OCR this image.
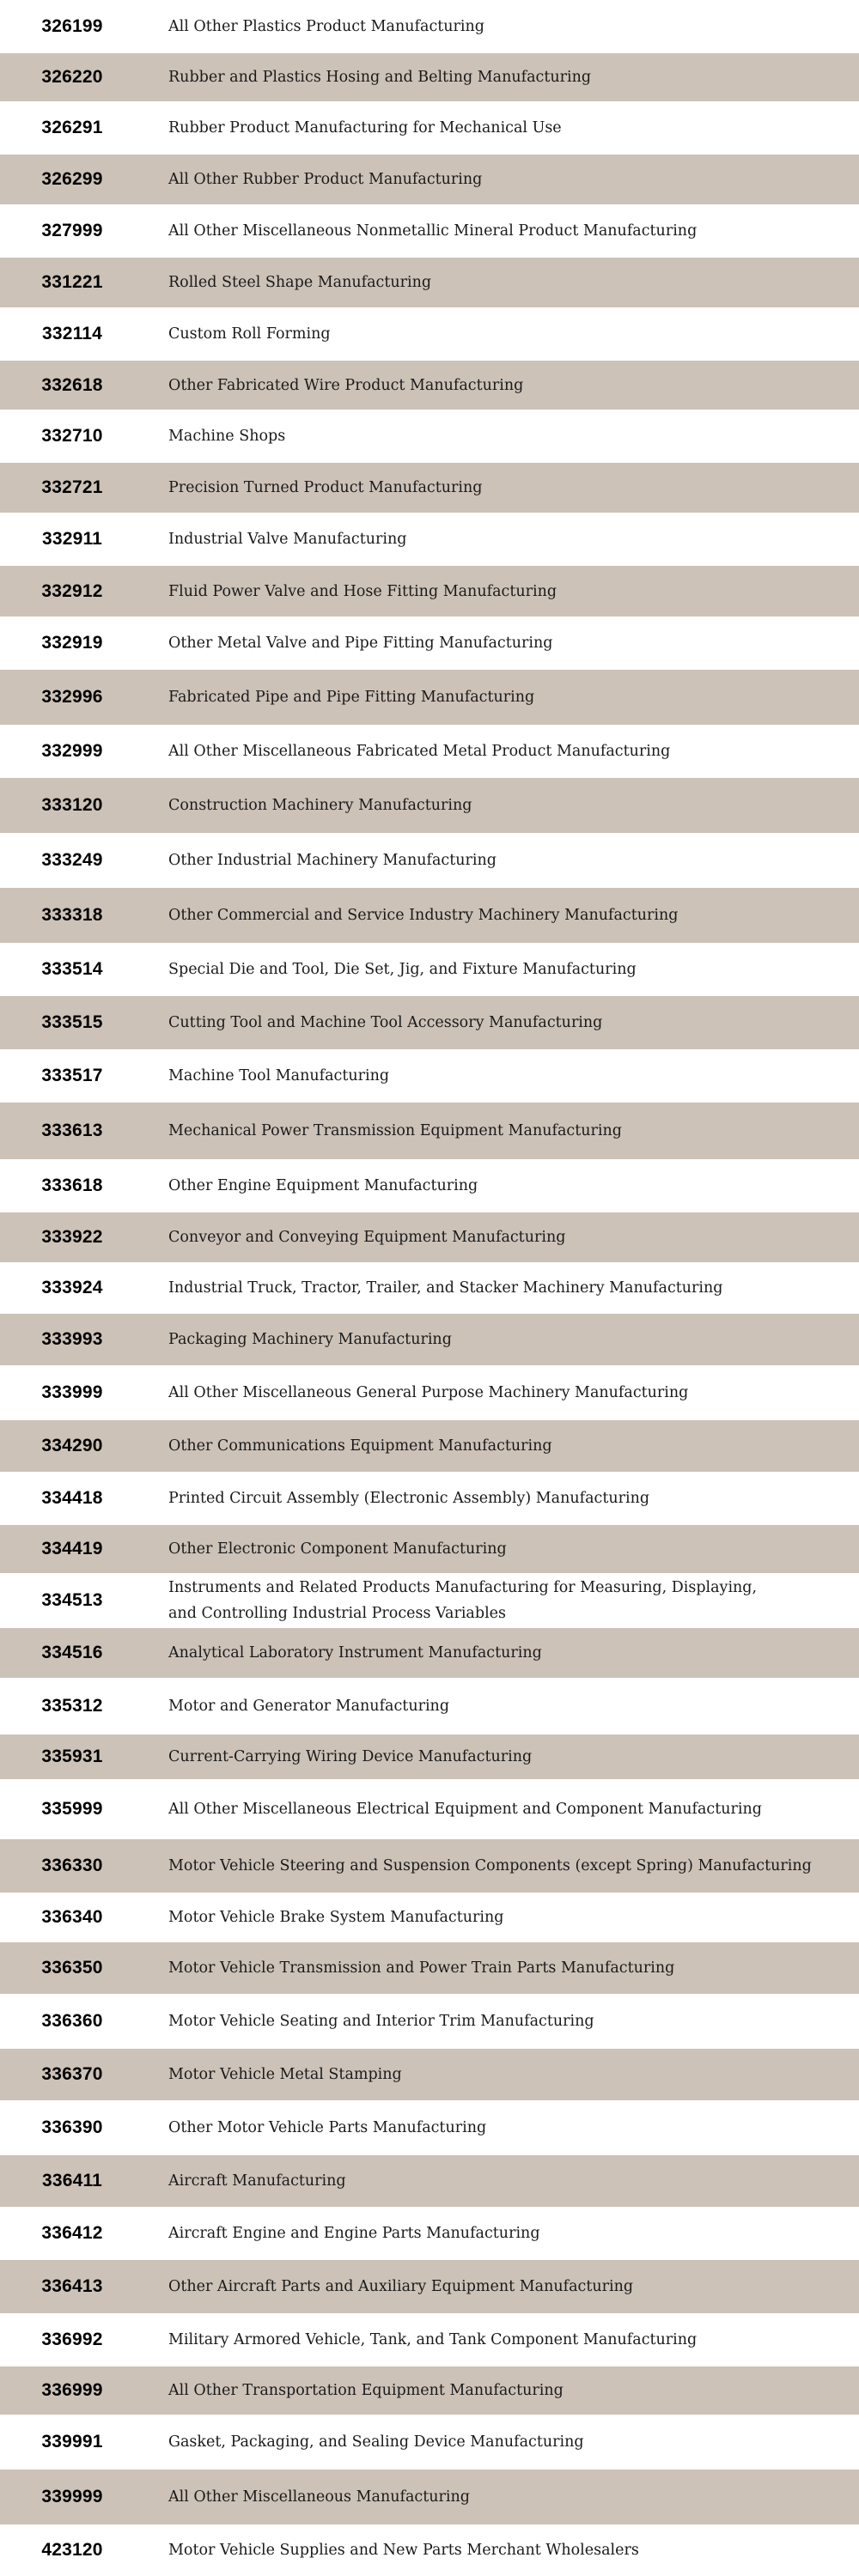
326199	All Other Plastics Product Manufacturing
326220	Rubber and Plastics Hosing and Belting Manufacturing
326291	Rubber Product Manufacturing for Mechanical Use
326299	All Other Rubber Product Manufacturing
327999	All Other Miscellaneous Nonmetallic Mineral Product Manufacturing
331221	Rolled Steel Shape Manufacturing
332114	Custom Roll Forming
332618	Other Fabricated Wire Product Manufacturing
332710	Machine Shops
332721	Precision Turned Product Manufacturing
332911	Industrial Valve Manufacturing
332912	Fluid Power Valve and Hose Fitting Manufacturing
332919	Other Metal Valve and Pipe Fitting Manufacturing
332996	Fabricated Pipe and Pipe Fitting Manufacturing
332999	All Other Miscellaneous Fabricated Metal Product Manufacturing
333120	Construction Machinery Manufacturing
333249	Other Industrial Machinery Manufacturing
333318	Other Commercial and Service Industry Machinery Manufacturing
333514	Special Die and Tool, Die Set, Jig, and Fixture Manufacturing
333515	Cutting Tool and Machine Tool Accessory Manufacturing
333517	Machine Tool Manufacturing
333613	Mechanical Power Transmission Equipment Manufacturing
333618	Other Engine Equipment Manufacturing
333922	Conveyor and Conveying Equipment Manufacturing
333924	Industrial Truck, Tractor, Trailer, and Stacker Machinery Manufacturing
333993	Packaging Machinery Manufacturing
333999	All Other Miscellaneous General Purpose Machinery Manufacturing
334290	Other Communications Equipment Manufacturing
334418	Printed Circuit Assembly (Electronic Assembly) Manufacturing
334419	Other Electronic Component Manufacturing
334513
Instruments and Related Products Manufacturing for Measuring, Displaying,
and Controlling Industrial Process Variables
334516	Analytical Laboratory Instrument Manufacturing
335312	Motor and Generator Manufacturing
335931	Current-Carrying Wiring Device Manufacturing
335999	All Other Miscellaneous Electrical Equipment and Component Manufacturing
336330	Motor Vehicle Steering and Suspension Components (except Spring) Manufacturing
336340	Motor Vehicle Brake System Manufacturing
336350	Motor Vehicle Transmission and Power Train Parts Manufacturing
336360	Motor Vehicle Seating and Interior Trim Manufacturing
336370	Motor Vehicle Metal Stamping
336390	Other Motor Vehicle Parts Manufacturing
336411	Aircraft Manufacturing
336412	Aircraft Engine and Engine Parts Manufacturing
336413	Other Aircraft Parts and Auxiliary Equipment Manufacturing
336992	Military Armored Vehicle, Tank, and Tank Component Manufacturing
336999	All Other Transportation Equipment Manufacturing
339991	Gasket, Packaging, and Sealing Device Manufacturing
339999	All Other Miscellaneous Manufacturing
423120	Motor Vehicle Supplies and New Parts Merchant Wholesalers
